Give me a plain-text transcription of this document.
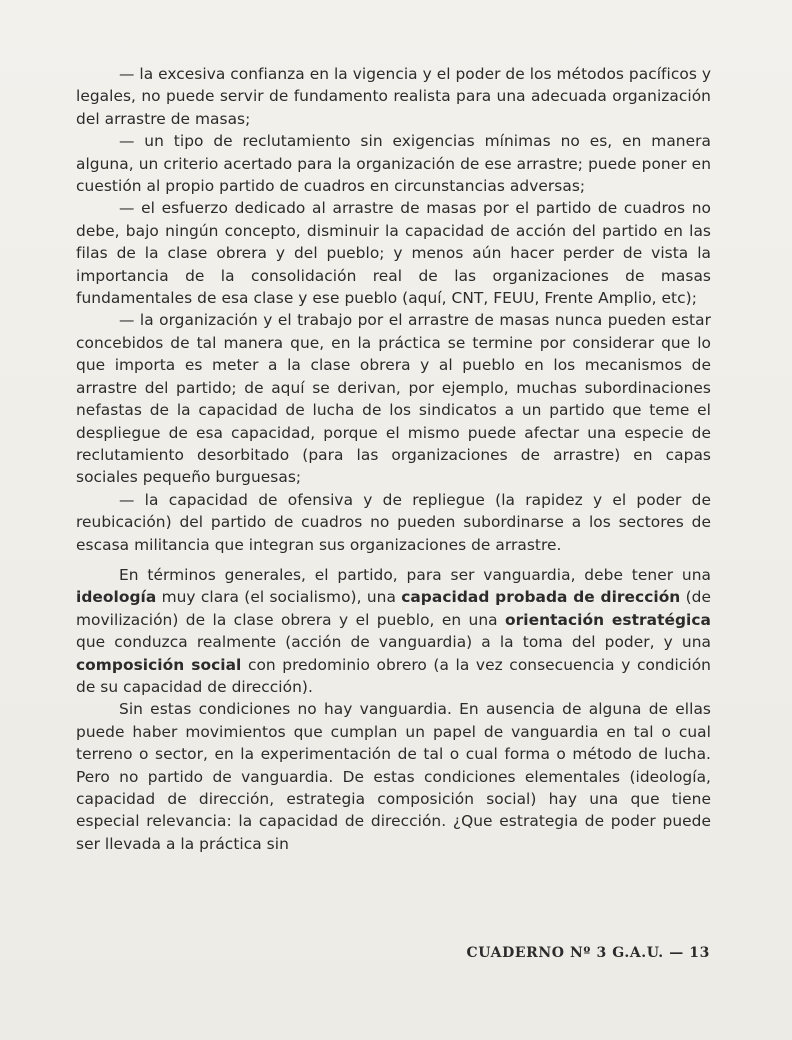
— la excesiva confianza en la vigencia y el poder de los métodos pacíficos y legales, no puede servir de fundamento realista para una adecuada organización del arrastre de masas;

— un tipo de reclutamiento sin exigencias mínimas no es, en manera alguna, un criterio acertado para la organización de ese arrastre; puede poner en cuestión al propio partido de cuadros en circunstancias adversas;

— el esfuerzo dedicado al arrastre de masas por el partido de cuadros no debe, bajo ningún concepto, disminuir la capacidad de acción del partido en las filas de la clase obrera y del pueblo; y menos aún hacer perder de vista la importancia de la consolidación real de las organizaciones de masas fundamentales de esa clase y ese pueblo (aquí, CNT, FEUU, Frente Amplio, etc);

— la organización y el trabajo por el arrastre de masas nunca pueden estar concebidos de tal manera que, en la práctica se termine por considerar que lo que importa es meter a la clase obrera y al pueblo en los mecanismos de arrastre del partido; de aquí se derivan, por ejemplo, muchas subordinaciones nefastas de la capacidad de lucha de los sindicatos a un partido que teme el despliegue de esa capacidad, porque el mismo puede afectar una especie de reclutamiento desorbitado (para las organizaciones de arrastre) en capas sociales pequeño burguesas;

— la capacidad de ofensiva y de repliegue (la rapidez y el poder de reubicación) del partido de cuadros no pueden subordinarse a los sectores de escasa militancia que integran sus organizaciones de arrastre.

En términos generales, el partido, para ser vanguardia, debe tener una ideología muy clara (el socialismo), una capacidad probada de dirección (de movilización) de la clase obrera y el pueblo, en una orientación estratégica que conduzca realmente (acción de vanguardia) a la toma del poder, y una composición social con predominio obrero (a la vez consecuencia y condición de su capacidad de dirección).

Sin estas condiciones no hay vanguardia. En ausencia de alguna de ellas puede haber movimientos que cumplan un papel de vanguardia en tal o cual terreno o sector, en la experimentación de tal o cual forma o método de lucha. Pero no partido de vanguardia. De estas condiciones elementales (ideología, capacidad de dirección, estrategia composición social) hay una que tiene especial relevancia: la capacidad de dirección. ¿Que estrategia de poder puede ser llevada a la práctica sin

CUADERNO Nº 3 G.A.U. — 13
